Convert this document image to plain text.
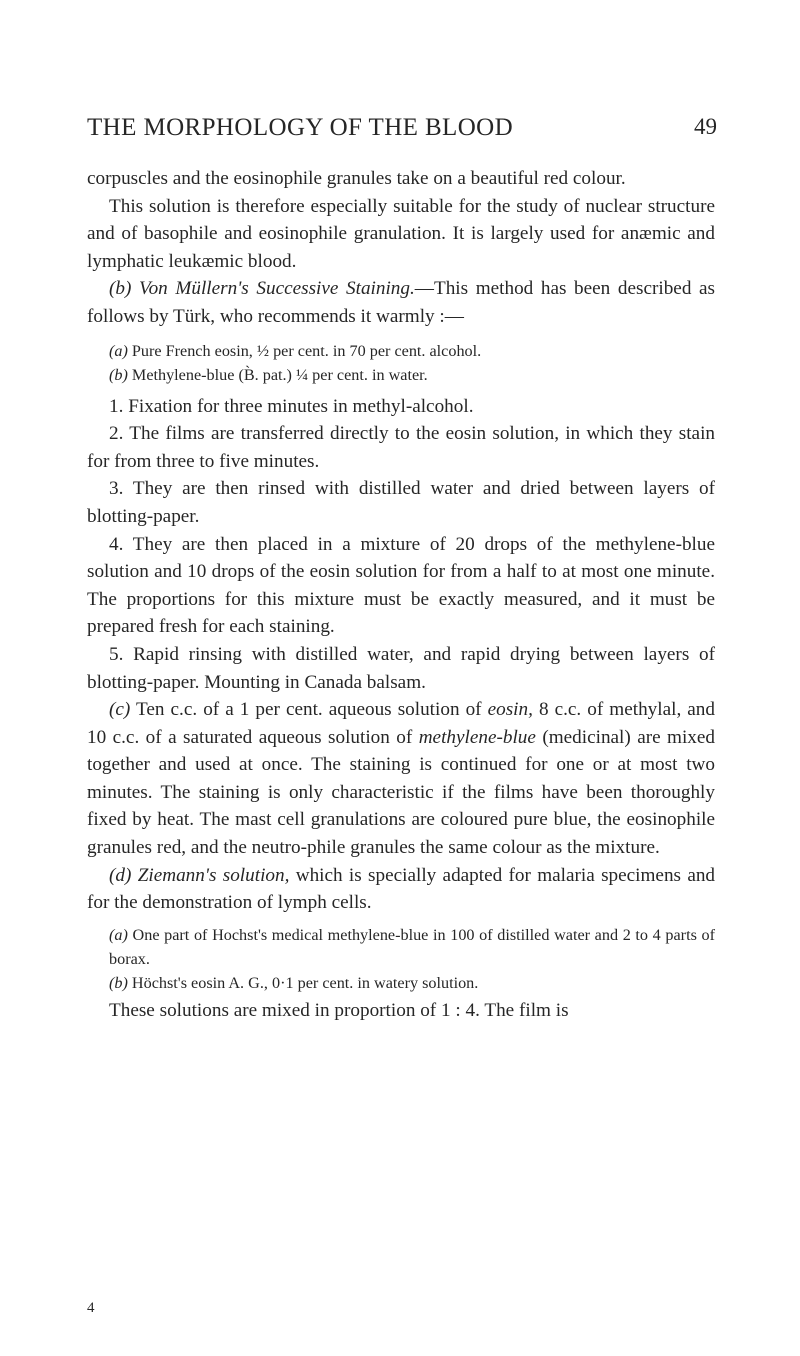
THE MORPHOLOGY OF THE BLOOD	49

corpuscles and the eosinophile granules take on a beautiful red colour.

This solution is therefore especially suitable for the study of nuclear structure and of basophile and eosinophile granulation. It is largely used for anæmic and lymphatic leukæmic blood.

(b) Von Müllern's Successive Staining.—This method has been described as follows by Türk, who recommends it warmly :—

(a) Pure French eosin, ½ per cent. in 70 per cent. alcohol.

(b) Methylene-blue (B̀. pat.) ¼ per cent. in water.

1. Fixation for three minutes in methyl-alcohol.

2. The films are transferred directly to the eosin solution, in which they stain for from three to five minutes.

3. They are then rinsed with distilled water and dried between layers of blotting-paper.

4. They are then placed in a mixture of 20 drops of the methylene-blue solution and 10 drops of the eosin solution for from a half to at most one minute. The proportions for this mixture must be exactly measured, and it must be prepared fresh for each staining.

5. Rapid rinsing with distilled water, and rapid drying between layers of blotting-paper. Mounting in Canada balsam.

(c) Ten c.c. of a 1 per cent. aqueous solution of eosin, 8 c.c. of methylal, and 10 c.c. of a saturated aqueous solution of methylene-blue (medicinal) are mixed together and used at once. The staining is continued for one or at most two minutes. The staining is only characteristic if the films have been thoroughly fixed by heat. The mast cell granulations are coloured pure blue, the eosinophile granules red, and the neutro-phile granules the same colour as the mixture.

(d) Ziemann's solution, which is specially adapted for malaria specimens and for the demonstration of lymph cells.

(a) One part of Hochst's medical methylene-blue in 100 of distilled water and 2 to 4 parts of borax.

(b) Höchst's eosin A. G., 0·1 per cent. in watery solution.

These solutions are mixed in proportion of 1 : 4. The film is

4
